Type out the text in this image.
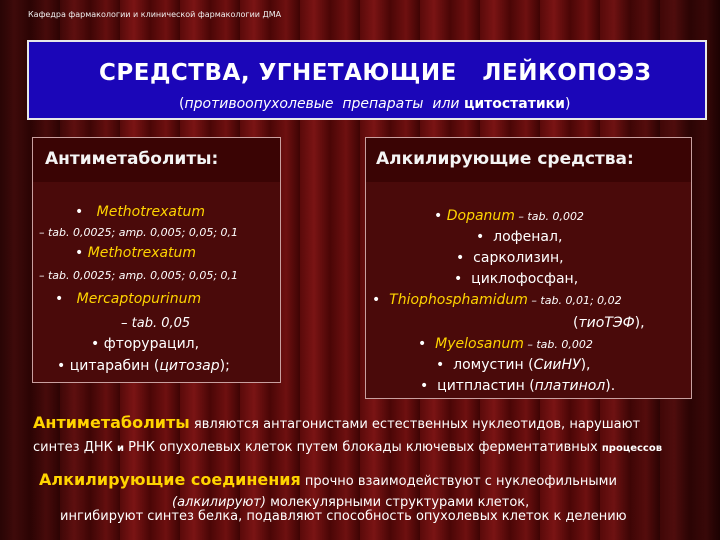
Кафедра фармакологии и клинической фармакологии ДМА
СРЕДСТВА, УГНЕТАЮЩИЕ   ЛЕЙКОПОЭЗ
(противоопухолевые  препараты  или цитостатики)
Антиметаболиты:
• Methotrexatum
– tab. 0,0025; amp. 0,005; 0,05; 0,1
• Methotrexatum
– tab. 0,0025; amp. 0,005; 0,05; 0,1
• Mercaptopurinum
– tab. 0,05
• фторурацил,
• цитарабин (цитозар);
Алкилирующие средства:
• Dopanum – tab. 0,002
• лофенал,
• сарколизин,
• циклофосфан,
• Thiophosphamidum – tab. 0,01; 0,02
(тиоТЭФ),
• Myelosanum – tab. 0,002
• ломустин (СииНУ),
• цитпластин (платинол).
Антиметаболиты являются антагонистами естественных нуклеотидов, нарушают
синтез ДНК и РНК опухолевых клеток путем блокады ключевых ферментативных процессов
Алкилирующие соединения прочно взаимодействуют с нуклеофильными
(алкилируют) молекулярными структурами клеток,
ингибируют синтез белка, подавляют способность опухолевых клеток к делению
